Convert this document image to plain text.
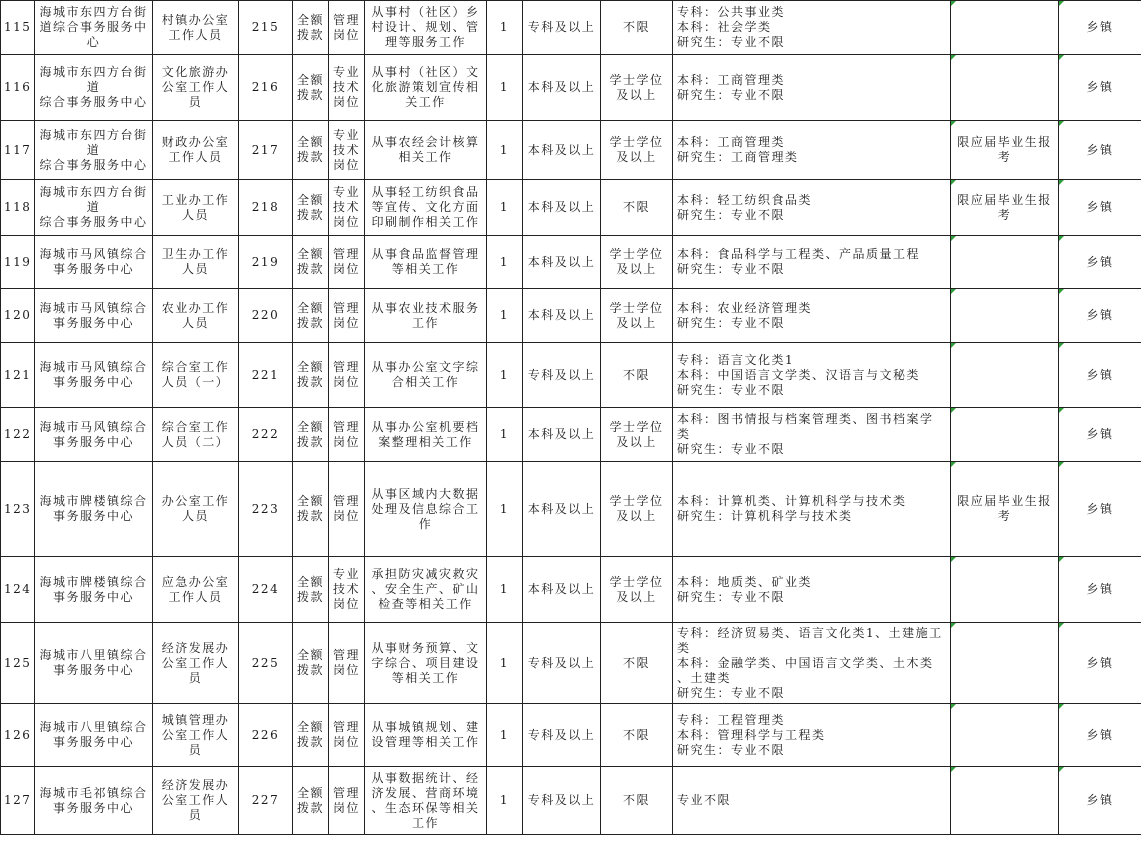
115	海城市东四方台街
道综合事务服务中
心	村镇办公室
工作人员	215	全额
拨款	管理
岗位	从事村（社区）乡
村设计、规划、管
理等服务工作	1	专科及以上	不限	专科：公共事业类
本科：社会学类
研究生：专业不限		乡镇
116	海城市东四方台街
道
综合事务服务中心	文化旅游办
公室工作人
员	216	全额
拨款	专业
技术
岗位	从事村（社区）文
化旅游策划宣传相
关工作	1	本科及以上	学士学位
及以上	本科：工商管理类
研究生：专业不限		乡镇
117	海城市东四方台街
道
综合事务服务中心	财政办公室
工作人员	217	全额
拨款	专业
技术
岗位	从事农经会计核算
相关工作	1	本科及以上	学士学位
及以上	本科：工商管理类
研究生：工商管理类	限应届毕业生报
考	乡镇
118	海城市东四方台街
道
综合事务服务中心	工业办工作
人员	218	全额
拨款	专业
技术
岗位	从事轻工纺织食品
等宣传、文化方面
印刷制作相关工作	1	本科及以上	不限	本科：轻工纺织食品类
研究生：专业不限	限应届毕业生报
考	乡镇
119	海城市马风镇综合
事务服务中心	卫生办工作
人员	219	全额
拨款	管理
岗位	从事食品监督管理
等相关工作	1	本科及以上	学士学位
及以上	本科：食品科学与工程类、产品质量工程
研究生：专业不限		乡镇
120	海城市马风镇综合
事务服务中心	农业办工作
人员	220	全额
拨款	管理
岗位	从事农业技术服务
工作	1	本科及以上	学士学位
及以上	本科：农业经济管理类
研究生：专业不限		乡镇
121	海城市马风镇综合
事务服务中心	综合室工作
人员（一）	221	全额
拨款	管理
岗位	从事办公室文字综
合相关工作	1	专科及以上	不限	专科：语言文化类1
本科：中国语言文学类、汉语言与文秘类
研究生：专业不限		乡镇
122	海城市马风镇综合
事务服务中心	综合室工作
人员（二）	222	全额
拨款	管理
岗位	从事办公室机要档
案整理相关工作	1	本科及以上	学士学位
及以上	本科：图书情报与档案管理类、图书档案学
类
研究生：专业不限		乡镇
123	海城市牌楼镇综合
事务服务中心	办公室工作
人员	223	全额
拨款	管理
岗位	从事区域内大数据
处理及信息综合工
作	1	本科及以上	学士学位
及以上	本科：计算机类、计算机科学与技术类
研究生：计算机科学与技术类	限应届毕业生报
考	乡镇
124	海城市牌楼镇综合
事务服务中心	应急办公室
工作人员	224	全额
拨款	专业
技术
岗位	承担防灾减灾救灾
、安全生产、矿山
检查等相关工作	1	本科及以上	学士学位
及以上	本科：地质类、矿业类
研究生：专业不限		乡镇
125	海城市八里镇综合
事务服务中心	经济发展办
公室工作人
员	225	全额
拨款	管理
岗位	从事财务预算、文
字综合、项目建设
等相关工作	1	专科及以上	不限	专科：经济贸易类、语言文化类1、土建施工
类
本科：金融学类、中国语言文学类、土木类
、土建类
研究生：专业不限		乡镇
126	海城市八里镇综合
事务服务中心	城镇管理办
公室工作人
员	226	全额
拨款	管理
岗位	从事城镇规划、建
设管理等相关工作	1	专科及以上	不限	专科：工程管理类
本科：管理科学与工程类
研究生：专业不限		乡镇
127	海城市毛祁镇综合
事务服务中心	经济发展办
公室工作人
员	227	全额
拨款	管理
岗位	从事数据统计、经
济发展、营商环境
、生态环保等相关
工作	1	专科及以上	不限	专业不限		乡镇
